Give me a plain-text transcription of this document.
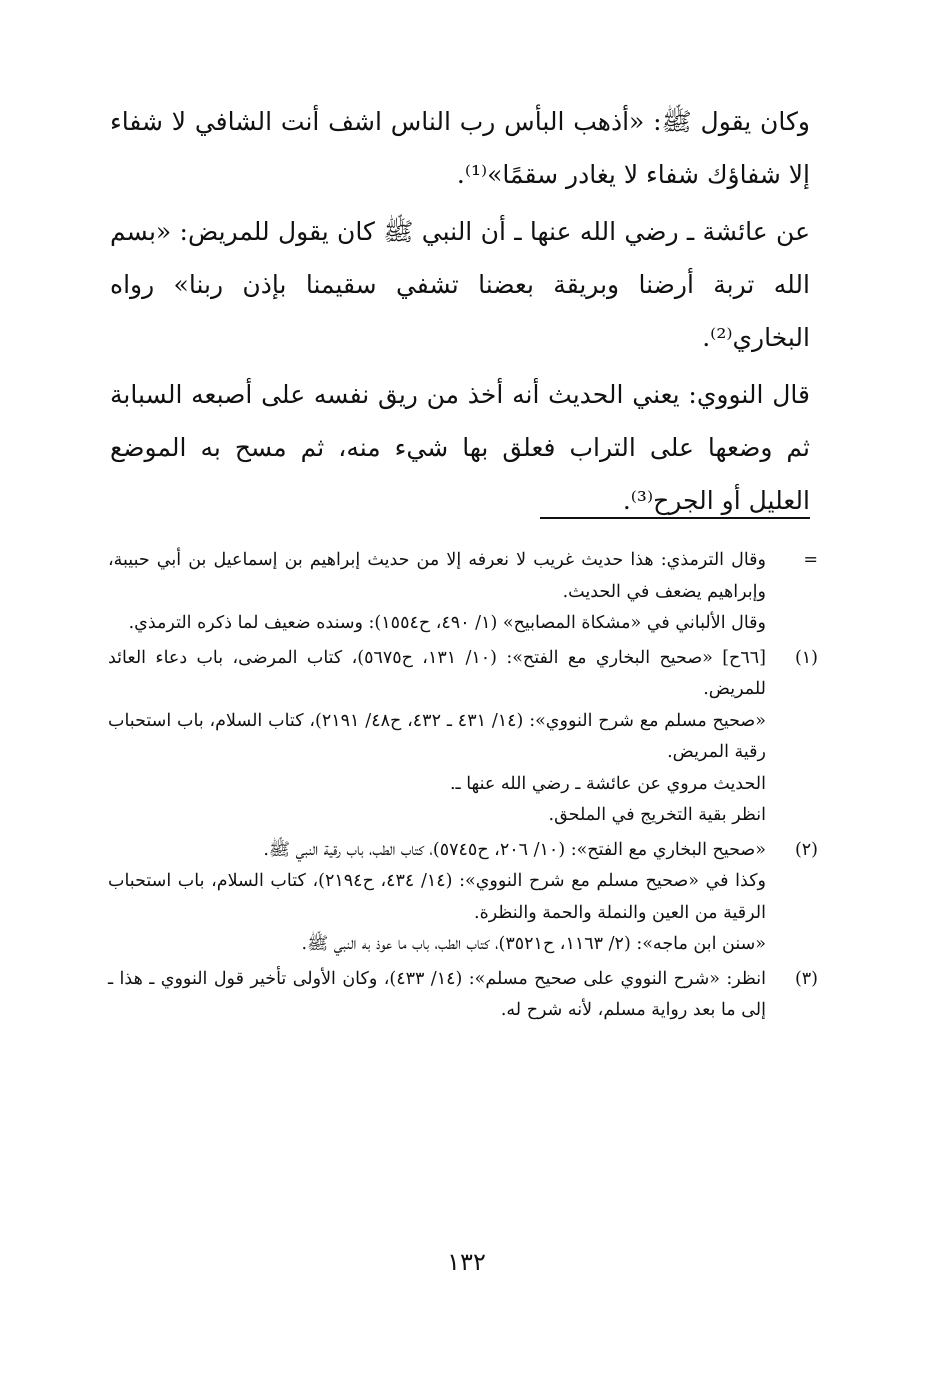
وكان يقول ﷺ: «أذهب البأس رب الناس اشف أنت الشافي لا شفاء إلا شفاؤك شفاء لا يغادر سقمًا»⁽¹⁾.

عن عائشة ـ رضي الله عنها ـ أن النبي ﷺ كان يقول للمريض: «بسم الله تربة أرضنا وبريقة بعضنا تشفي سقيمنا بإذن ربنا» رواه البخاري⁽²⁾.

قال النووي: يعني الحديث أنه أخذ من ريق نفسه على أصبعه السبابة ثم وضعها على التراب فعلق بها شيء منه، ثم مسح به الموضع العليل أو الجرح⁽³⁾.

=
وقال الترمذي: هذا حديث غريب لا نعرفه إلا من حديث إبراهيم بن إسماعيل بن أبي حبيبة، وإبراهيم يضعف في الحديث.
وقال الألباني في «مشكاة المصابيح» (١/ ٤٩٠، ح١٥٥٤): وسنده ضعيف لما ذكره الترمذي.
(١)
[٦٦ح] «صحيح البخاري مع الفتح»: (١٠/ ١٣١، ح٥٦٧٥)، كتاب المرضى، باب دعاء العائد للمريض.
«صحيح مسلم مع شرح النووي»: (١٤/ ٤٣١ ـ ٤٣٢، ح٤٨/ ٢١٩١)، كتاب السلام، باب استحباب رقية المريض.
الحديث مروي عن عائشة ـ رضي الله عنها ـ.
انظر بقية التخريج في الملحق.
(٢)
«صحيح البخاري مع الفتح»: (١٠/ ٢٠٦، ح٥٧٤٥)، كتاب الطب، باب رقية النبي ﷺ.
وكذا في «صحيح مسلم مع شرح النووي»: (١٤/ ٤٣٤، ح٢١٩٤)، كتاب السلام، باب استحباب الرقية من العين والنملة والحمة والنظرة.
«سنن ابن ماجه»: (٢/ ١١٦٣، ح٣٥٢١)، كتاب الطب، باب ما عوذ به النبي ﷺ.
(٣)
انظر: «شرح النووي على صحيح مسلم»: (١٤/ ٤٣٣)، وكان الأولى تأخير قول النووي ـ هذا ـ إلى ما بعد رواية مسلم، لأنه شرح له.
١٣٢
